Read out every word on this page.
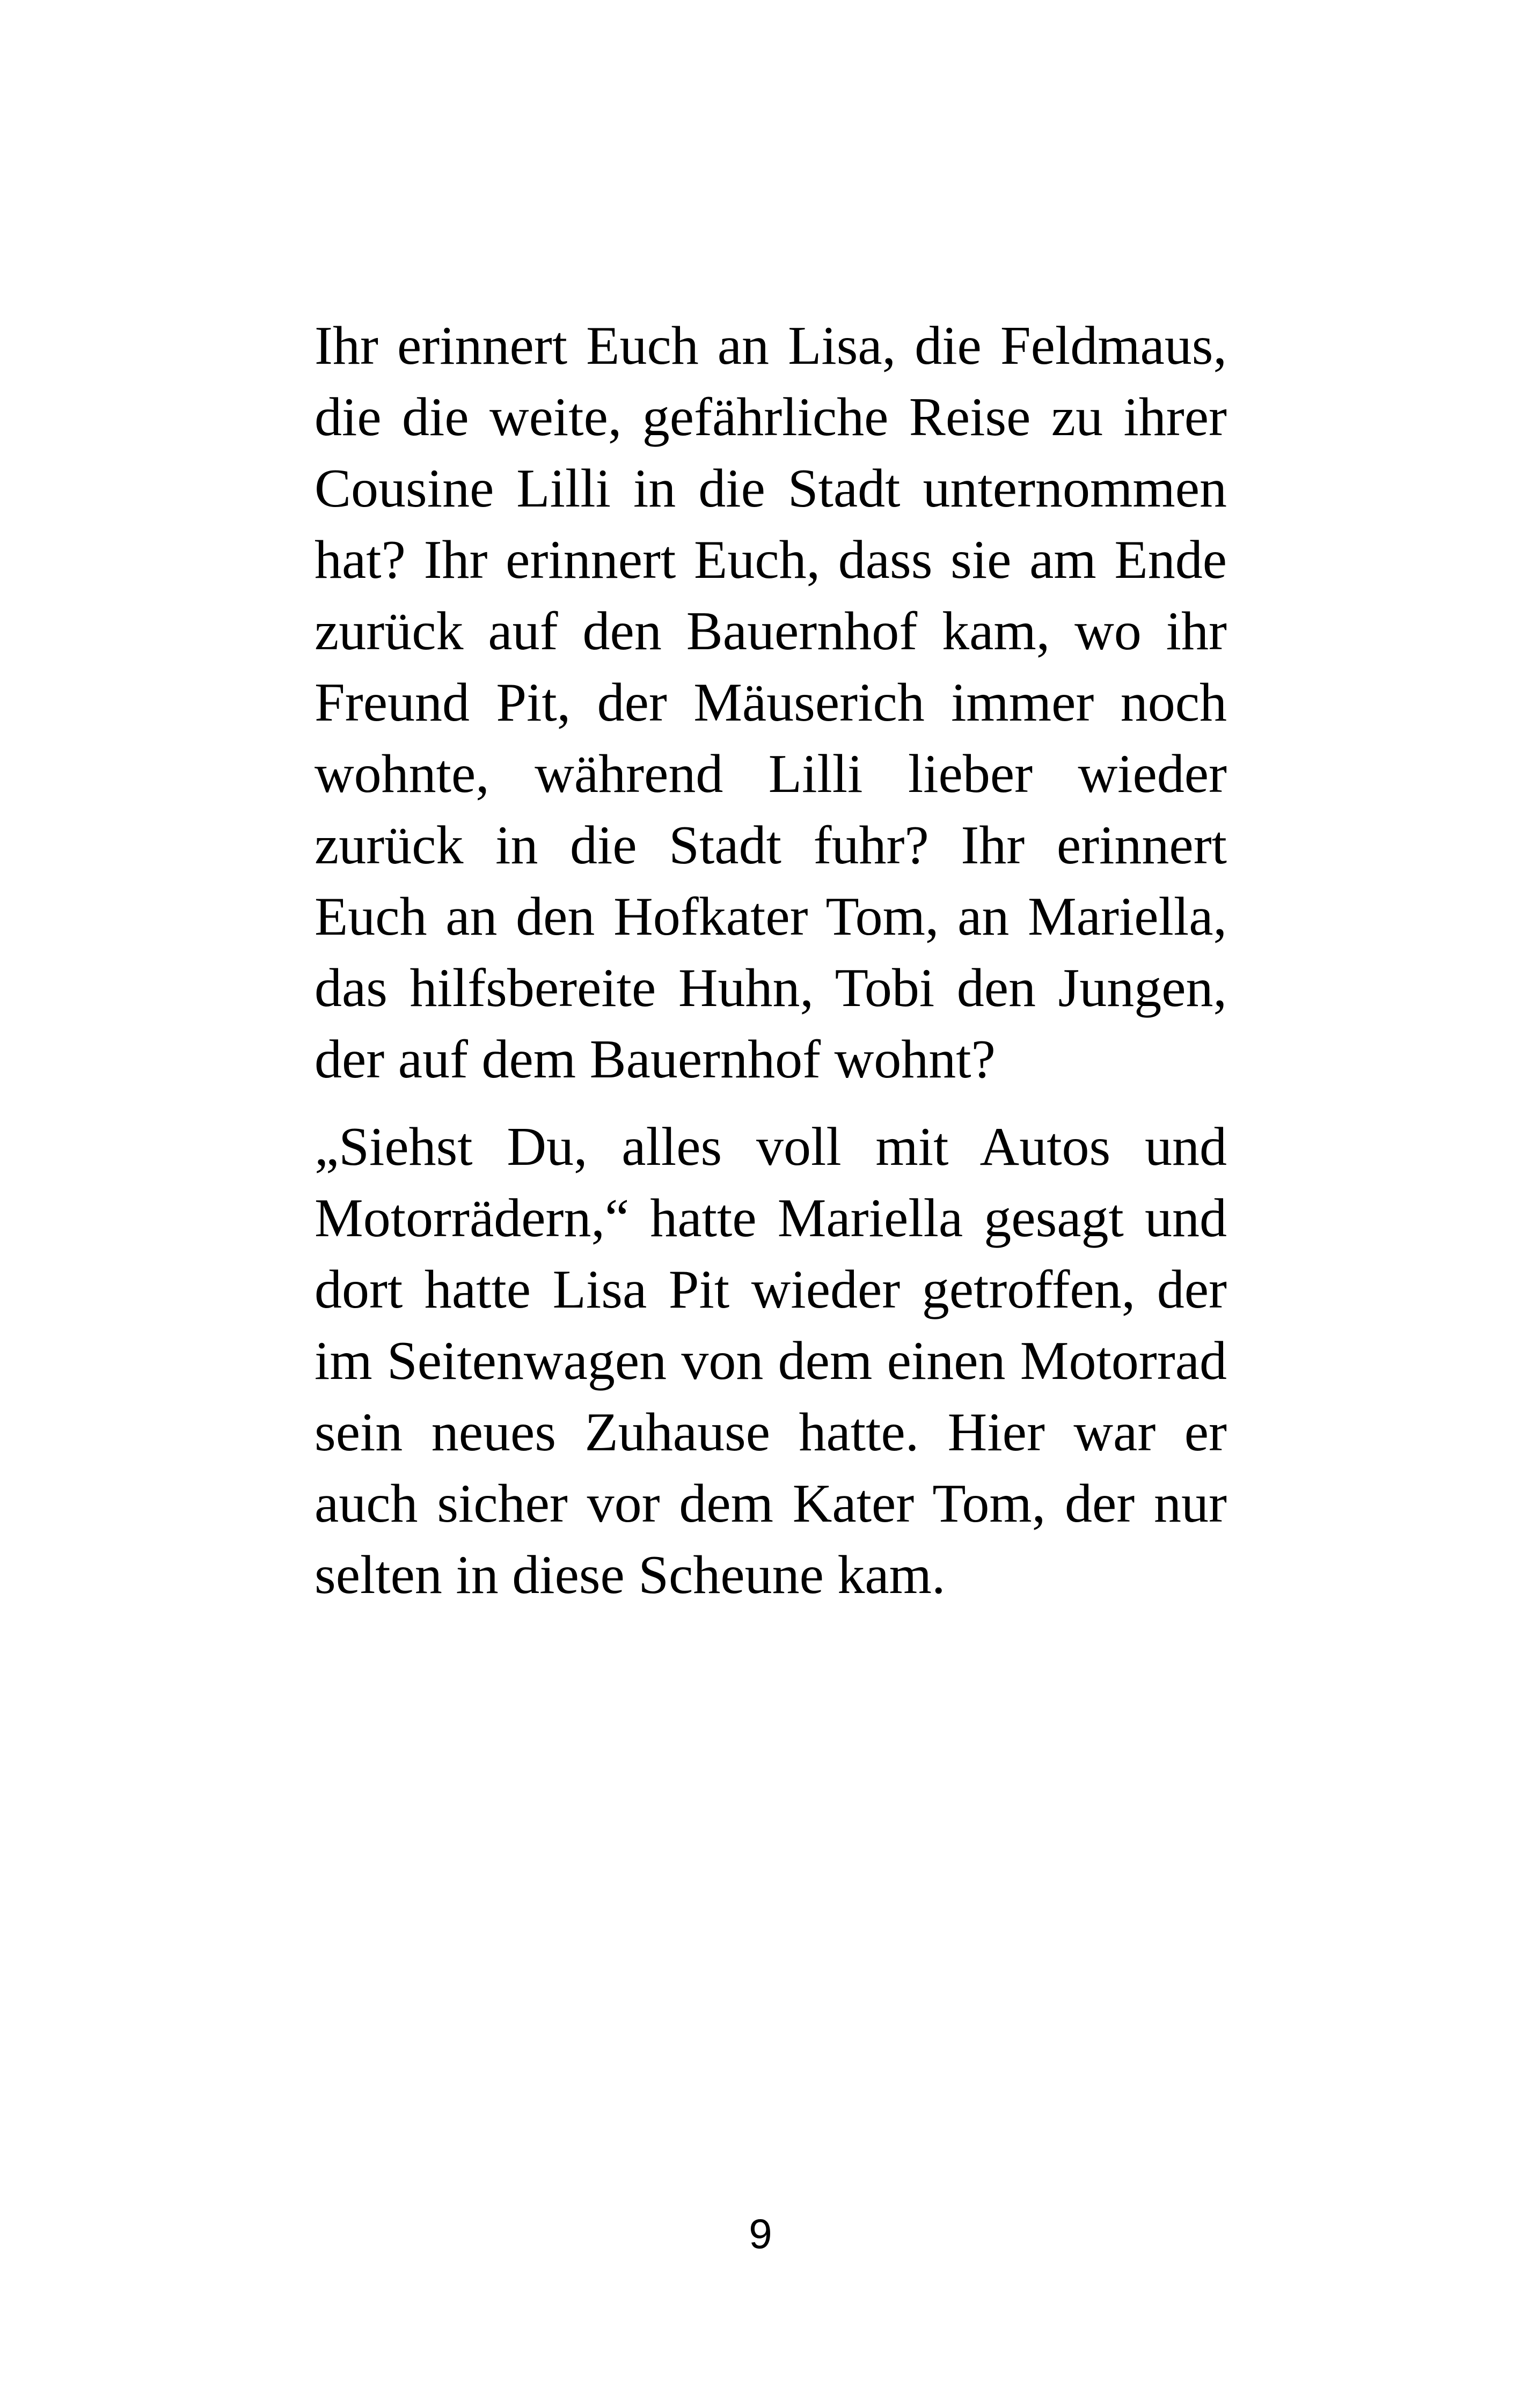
Ihr erinnert Euch an Lisa, die Feldmaus, die die weite, gefährliche Reise zu ihrer Cousine Lilli in die Stadt unternommen hat? Ihr erinnert Euch, dass sie am Ende zurück auf den Bauernhof kam, wo ihr Freund Pit, der Mäuserich immer noch wohnte, während Lilli lieber wieder zurück in die Stadt fuhr? Ihr erinnert Euch an den Hofkater Tom, an Mariella, das hilfsbereite Huhn, Tobi den Jungen, der auf dem Bauernhof wohnt?

„Siehst Du, alles voll mit Autos und Motorrädern,“ hatte Mariella gesagt und dort hatte Lisa Pit wieder getroffen, der im Seitenwagen von dem einen Motorrad sein neues Zuhause hatte. Hier war er auch sicher vor dem Kater Tom, der nur selten in diese Scheune kam.

9
